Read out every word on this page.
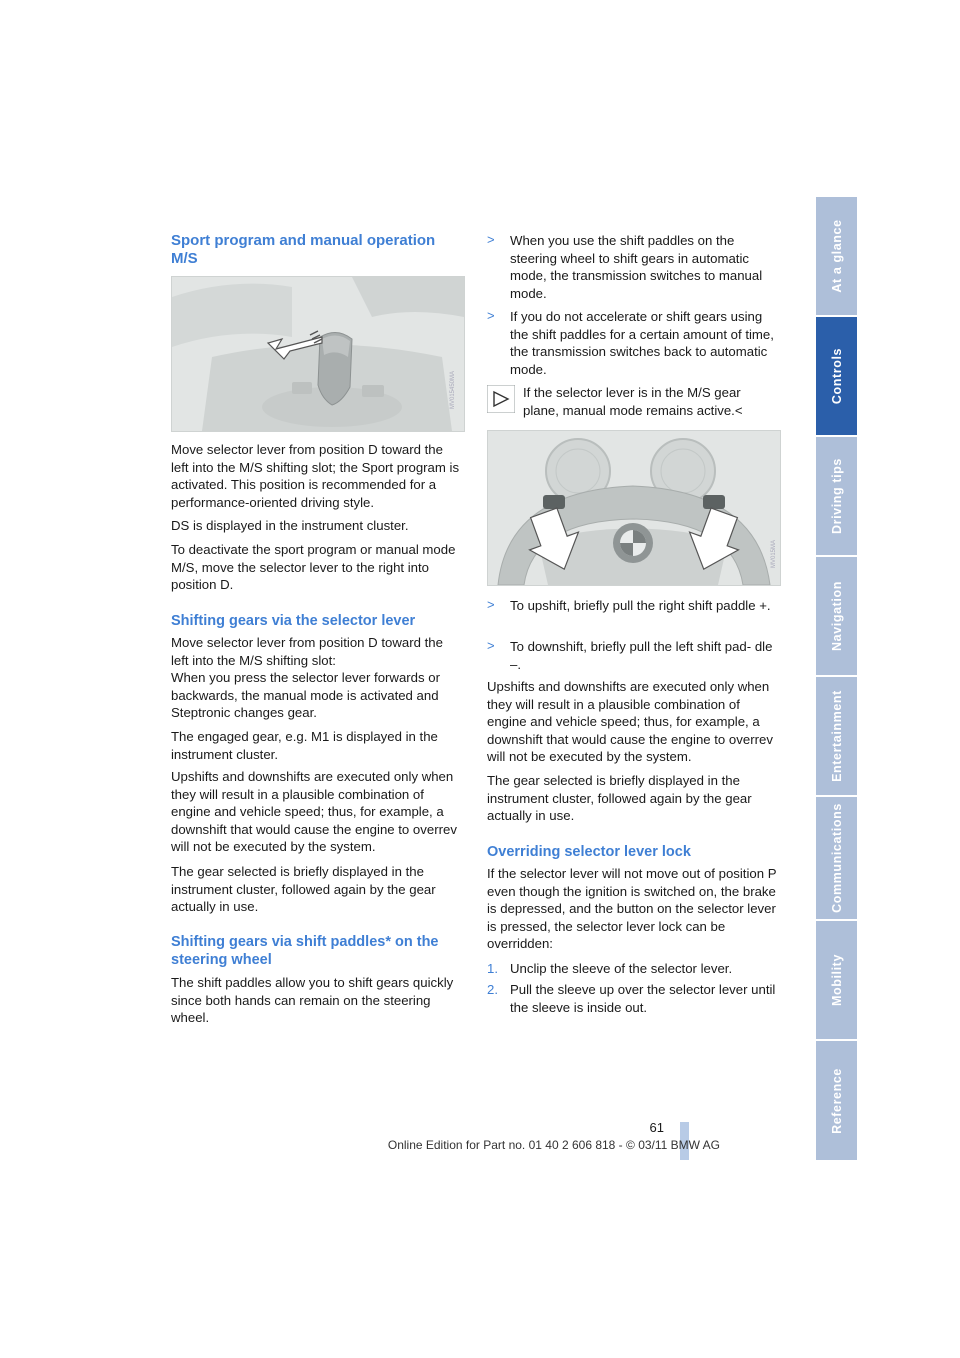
At a glance
Controls
Driving tips
Navigation
Entertainment
Communications
Mobility
Reference
Sport program and manual operation M/S
MV015450MA

Move selector lever from position D toward the left into the M/S shifting slot; the Sport program is activated. This position is recommended for a performance-oriented driving style.

DS is displayed in the instrument cluster.

To deactivate the sport program or manual mode M/S, move the selector lever to the right into position D.

Shifting gears via the selector lever

Move selector lever from position D toward the left into the M/S shifting slot:

When you press the selector lever forwards or backwards, the manual mode is activated and Steptronic changes gear.

The engaged gear, e.g. M1 is displayed in the instrument cluster.

Upshifts and downshifts are executed only when they will result in a plausible combination of engine and vehicle speed; thus, for example, a downshift that would cause the engine to overrev will not be executed by the system.

The gear selected is briefly displayed in the instrument cluster, followed again by the gear actually in use.

Shifting gears via shift paddles* on the steering wheel

The shift paddles allow you to shift gears quickly since both hands can remain on the steering wheel.

> When you use the shift paddles on the steering wheel to shift gears in automatic mode, the transmission switches to manual mode.
> If you do not accelerate or shift gears using the shift paddles for a certain amount of time, the transmission switches back to automatic mode.

If the selector lever is in the M/S gear plane, manual mode remains active.<

MV015MA
> To upshift, briefly pull the right shift paddle +.
> To downshift, briefly pull the left shift pad- dle –.

Upshifts and downshifts are executed only when they will result in a plausible combination of engine and vehicle speed; thus, for example, a downshift that would cause the engine to overrev will not be executed by the system.

The gear selected is briefly displayed in the instrument cluster, followed again by the gear actually in use.

Overriding selector lever lock

If the selector lever will not move out of position P even though the ignition is switched on, the brake is depressed, and the button on the selector lever is pressed, the selector lever lock can be overridden:

1. Unclip the sleeve of the selector lever.
2. Pull the sleeve up over the selector lever until the sleeve is inside out.
61
Online Edition for Part no. 01 40 2 606 818 - © 03/11 BMW AG
